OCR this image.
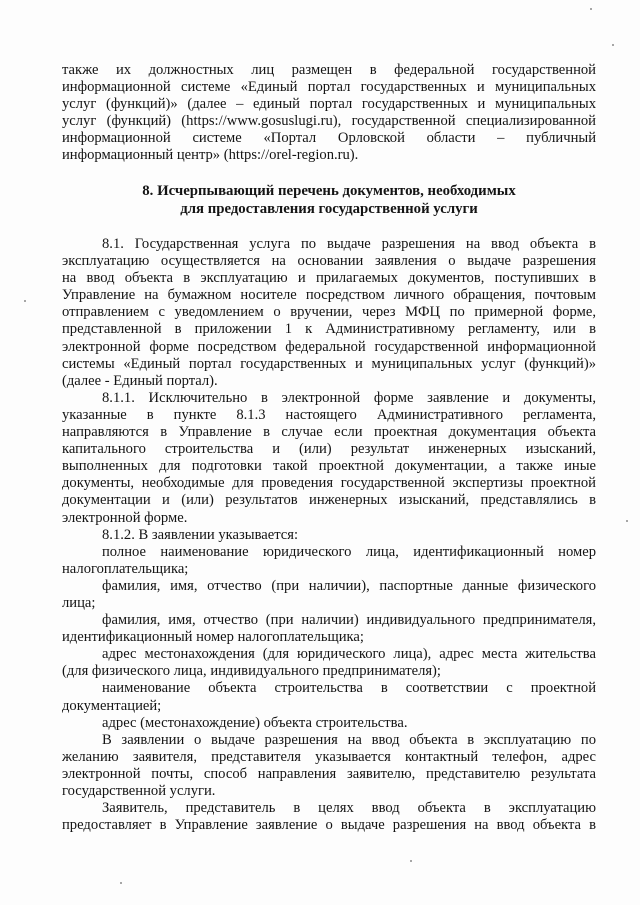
также их должностных лиц размещен в федеральной государственной
информационной системе «Единый портал государственных и муниципальных
услуг (функций)» (далее – единый портал государственных и муниципальных
услуг (функций) (https://www.gosuslugi.ru), государственной специализированной
информационной системе «Портал Орловской области – публичный
информационный центр» (https://orel-region.ru).
8. Исчерпывающий перечень документов, необходимых
для предоставления государственной услуги
8.1. Государственная услуга по выдаче разрешения на ввод объекта в
эксплуатацию осуществляется на основании заявления о выдаче разрешения
на ввод объекта в эксплуатацию и прилагаемых документов, поступивших в
Управление на бумажном носителе посредством личного обращения, почтовым
отправлением с уведомлением о вручении, через МФЦ по примерной форме,
представленной в приложении 1 к Административному регламенту, или в
электронной форме посредством федеральной государственной информационной
системы «Единый портал государственных и муниципальных услуг (функций)»
(далее - Единый портал).
8.1.1. Исключительно в электронной форме заявление и документы,
указанные в пункте 8.1.3 настоящего Административного регламента,
направляются в Управление в случае если проектная документация объекта
капитального строительства и (или) результат инженерных изысканий,
выполненных для подготовки такой проектной документации, а также иные
документы, необходимые для проведения государственной экспертизы проектной
документации и (или) результатов инженерных изысканий, представлялись в
электронной форме.
8.1.2. В заявлении указывается:
полное наименование юридического лица, идентификационный номер
налогоплательщика;
фамилия, имя, отчество (при наличии), паспортные данные физического
лица;
фамилия, имя, отчество (при наличии) индивидуального предпринимателя,
идентификационный номер налогоплательщика;
адрес местонахождения (для юридического лица), адрес места жительства
(для физического лица, индивидуального предпринимателя);
наименование объекта строительства в соответствии с проектной
документацией;
адрес (местонахождение) объекта строительства.
В заявлении о выдаче разрешения на ввод объекта в эксплуатацию по
желанию заявителя, представителя указывается контактный телефон, адрес
электронной почты, способ направления заявителю, представителю результата
государственной услуги.
Заявитель, представитель в целях ввод объекта в эксплуатацию
предоставляет в Управление заявление о выдаче разрешения на ввод объекта в
